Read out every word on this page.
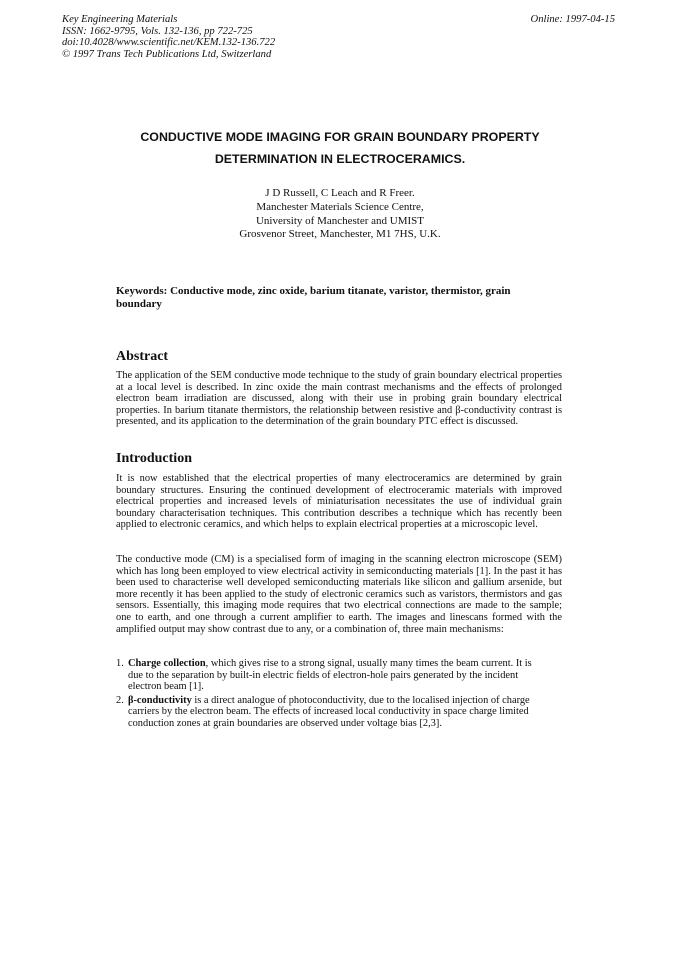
Key Engineering Materials
ISSN: 1662-9795, Vols. 132-136, pp 722-725
doi:10.4028/www.scientific.net/KEM.132-136.722
© 1997 Trans Tech Publications Ltd, Switzerland
Online: 1997-04-15
CONDUCTIVE MODE IMAGING FOR GRAIN BOUNDARY PROPERTY
DETERMINATION IN ELECTROCERAMICS.
J D Russell, C Leach and R Freer.
Manchester Materials Science Centre,
University of Manchester and UMIST
Grosvenor Street, Manchester, M1 7HS, U.K.
Keywords: Conductive mode, zinc oxide, barium titanate, varistor, thermistor, grain boundary
Abstract
The application of the SEM conductive mode technique to the study of grain boundary electrical properties at a local level is described. In zinc oxide the main contrast mechanisms and the effects of prolonged electron beam irradiation are discussed, along with their use in probing grain boundary electrical properties. In barium titanate thermistors, the relationship between resistive and β-conductivity contrast is presented, and its application to the determination of the grain boundary PTC effect is discussed.
Introduction
It is now established that the electrical properties of many electroceramics are determined by grain boundary structures. Ensuring the continued development of electroceramic materials with improved electrical properties and increased levels of miniaturisation necessitates the use of individual grain boundary characterisation techniques. This contribution describes a technique which has recently been applied to electronic ceramics, and which helps to explain electrical properties at a microscopic level.
The conductive mode (CM) is a specialised form of imaging in the scanning electron microscope (SEM) which has long been employed to view electrical activity in semiconducting materials [1]. In the past it has been used to characterise well developed semiconducting materials like silicon and gallium arsenide, but more recently it has been applied to the study of electronic ceramics such as varistors, thermistors and gas sensors. Essentially, this imaging mode requires that two electrical connections are made to the sample; one to earth, and one through a current amplifier to earth. The images and linescans formed with the amplified output may show contrast due to any, or a combination of, three main mechanisms:
1. Charge collection, which gives rise to a strong signal, usually many times the beam current. It is
due to the separation by built-in electric fields of electron-hole pairs generated by the incident
electron beam [1].
2. β-conductivity is a direct analogue of photoconductivity, due to the localised injection of charge
carriers by the electron beam. The effects of increased local conductivity in space charge limited
conduction zones at grain boundaries are observed under voltage bias [2,3].
